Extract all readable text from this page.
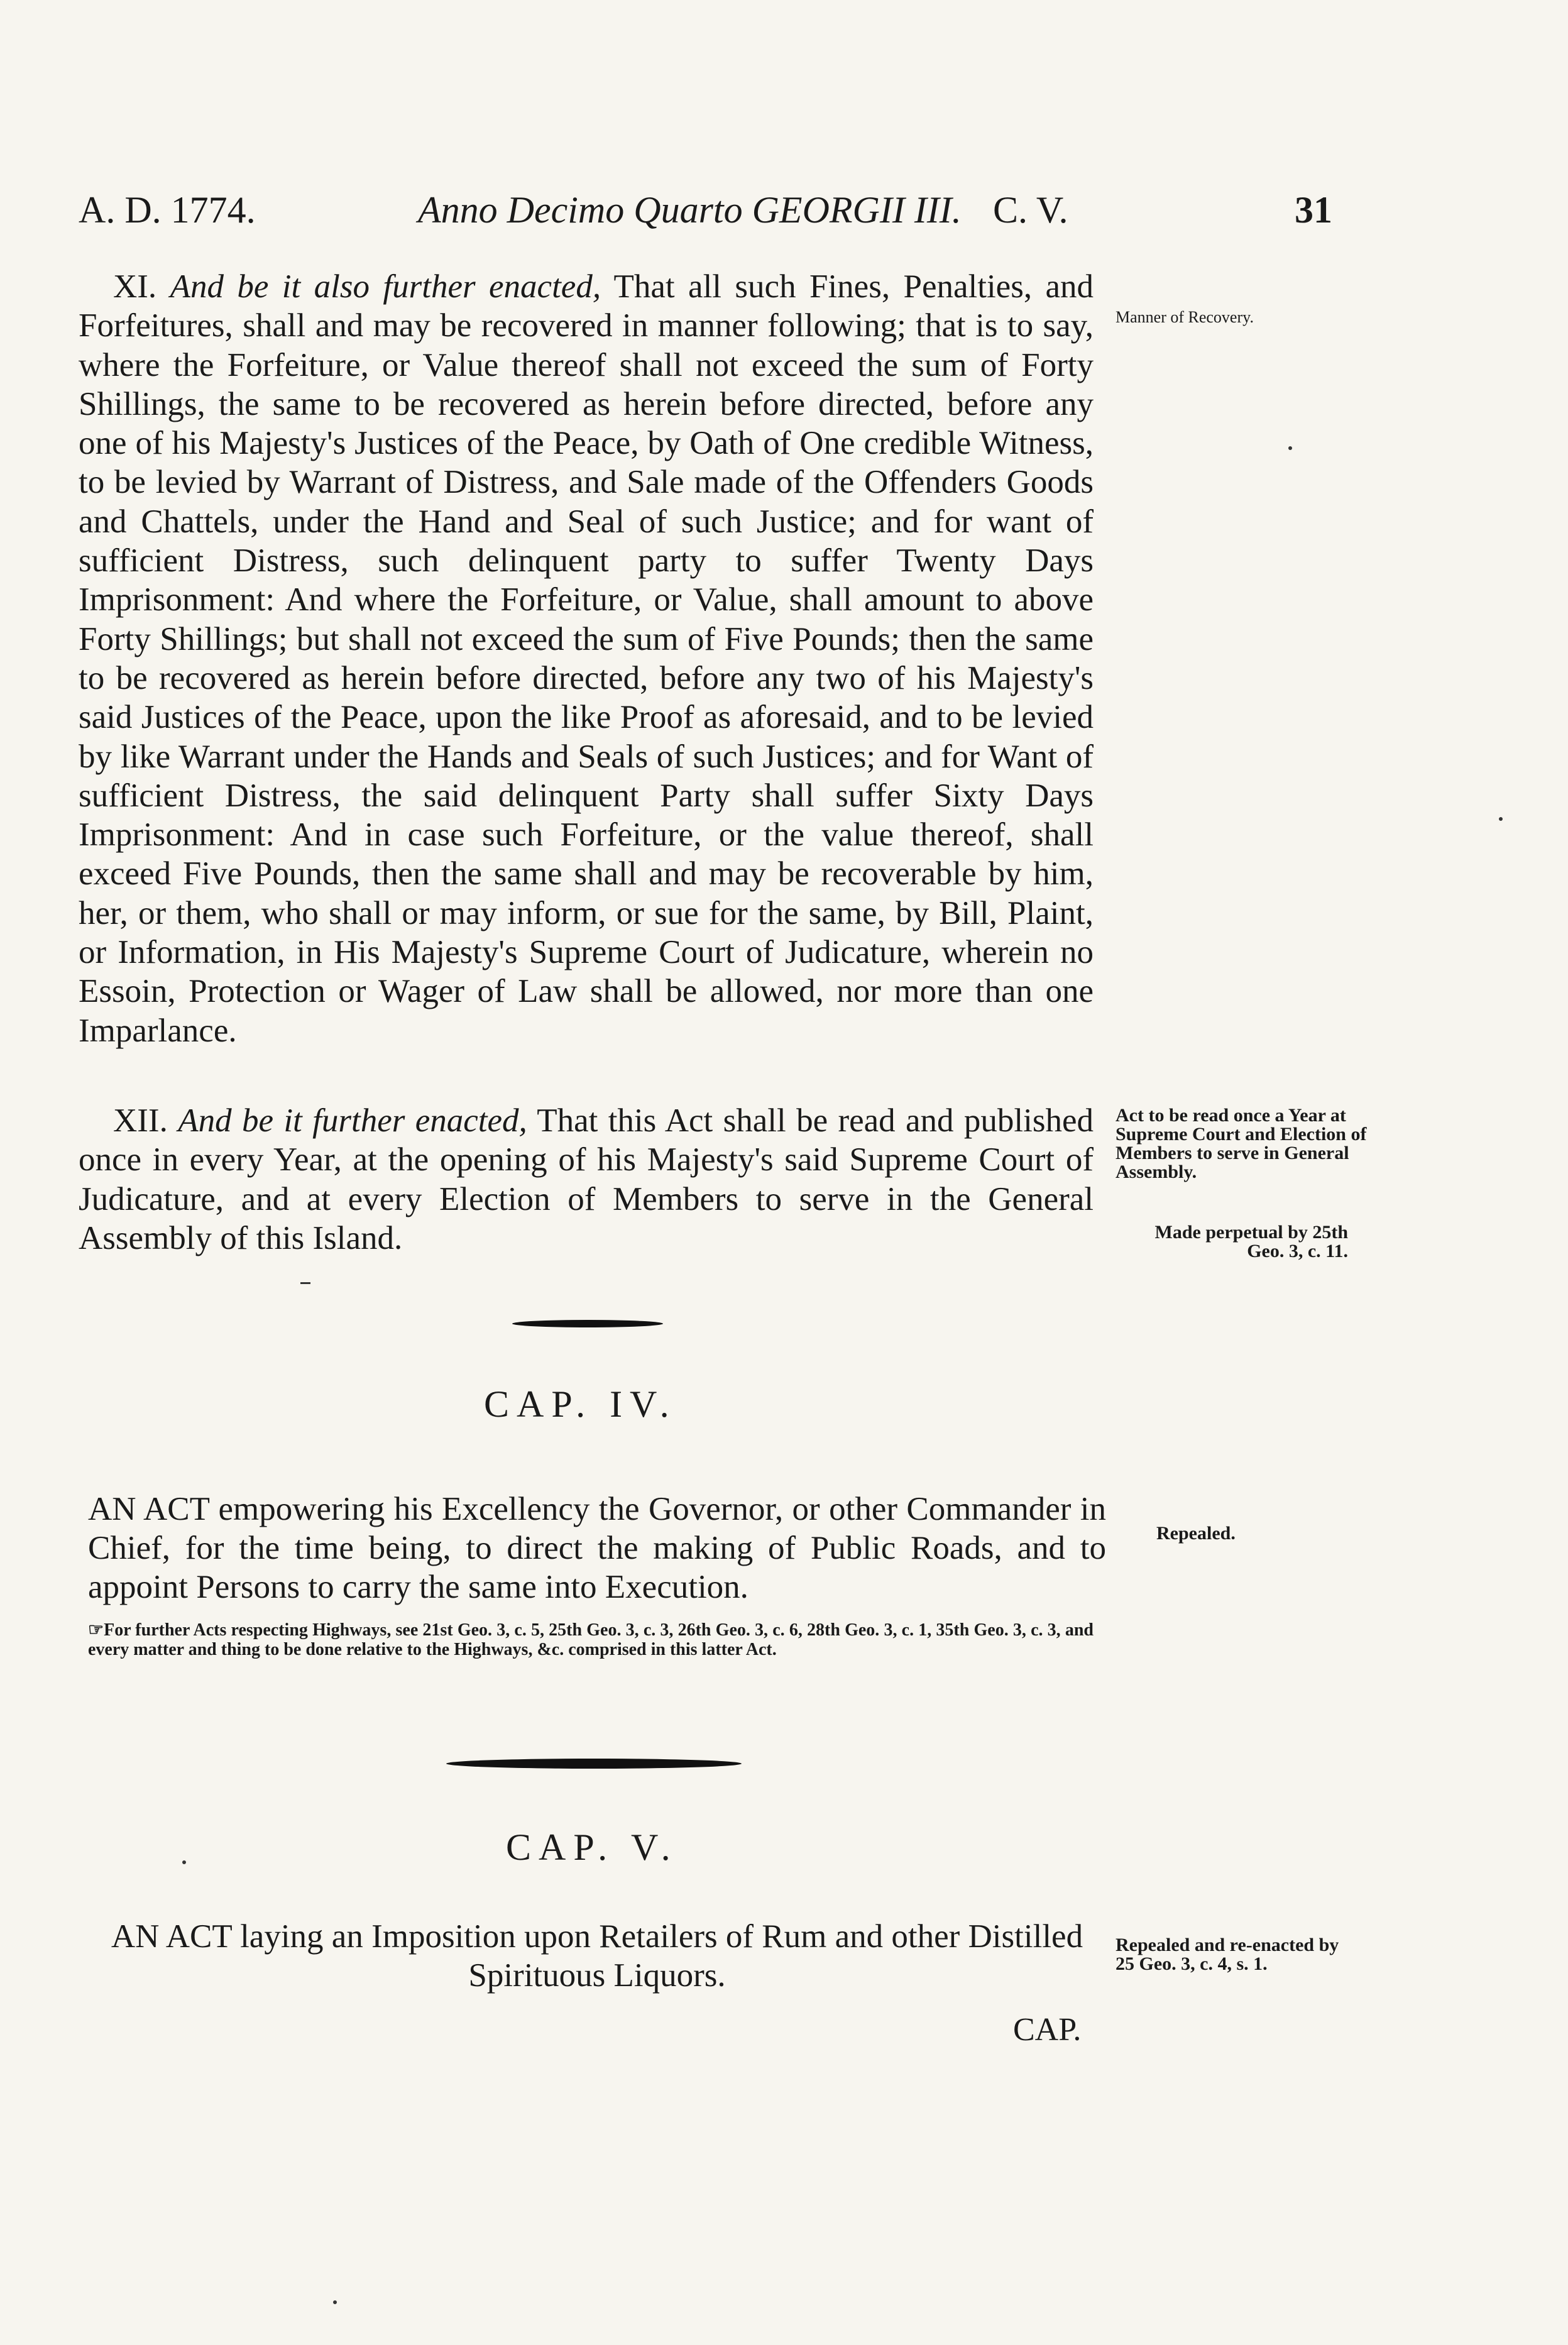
A. D. 1774.	Anno Decimo Quarto GEORGII III. C. V.	31
XI. And be it also further enacted, That all such Fines, Penalties, and Forfeitures, shall and may be recovered in manner following; that is to say, where the Forfeiture, or Value thereof shall not exceed the sum of Forty Shillings, the same to be recovered as herein before directed, before any one of his Majesty's Justices of the Peace, by Oath of One credible Witness, to be levied by Warrant of Distress, and Sale made of the Offenders Goods and Chattels, under the Hand and Seal of such Justice; and for want of sufficient Distress, such delinquent party to suffer Twenty Days Imprisonment: And where the Forfeiture, or Value, shall amount to above Forty Shillings; but shall not exceed the sum of Five Pounds; then the same to be recovered as herein before directed, before any two of his Majesty's said Justices of the Peace, upon the like Proof as aforesaid, and to be levied by like Warrant under the Hands and Seals of such Justices; and for Want of sufficient Distress, the said delinquent Party shall suffer Sixty Days Imprisonment: And in case such Forfeiture, or the value thereof, shall exceed Five Pounds, then the same shall and may be recoverable by him, her, or them, who shall or may inform, or sue for the same, by Bill, Plaint, or Information, in His Majesty's Supreme Court of Judicature, wherein no Essoin, Protection or Wager of Law shall be allowed, nor more than one Imparlance.
XII. And be it further enacted, That this Act shall be read and published once in every Year, at the opening of his Majesty's said Supreme Court of Judicature, and at every Election of Members to serve in the General Assembly of this Island.
Manner of Recovery.
Act to be read once a Year at Supreme Court and Election of Members to serve in General Assembly.
Made perpetual by 25th Geo. 3, c. 11.
CAP. IV.
AN ACT empowering his Excellency the Governor, or other Commander in Chief, for the time being, to direct the making of Public Roads, and to appoint Persons to carry the same into Execution.
Repealed.
☞For further Acts respecting Highways, see 21st Geo. 3, c. 5, 25th Geo. 3, c. 3, 26th Geo. 3, c. 6, 28th Geo. 3, c. 1, 35th Geo. 3, c. 3, and every matter and thing to be done relative to the Highways, &c. comprised in this latter Act.
CAP. V.
AN ACT laying an Imposition upon Retailers of Rum and other Distilled Spirituous Liquors.
Repealed and re-enacted by 25 Geo. 3, c. 4, s. 1.
CAP.
